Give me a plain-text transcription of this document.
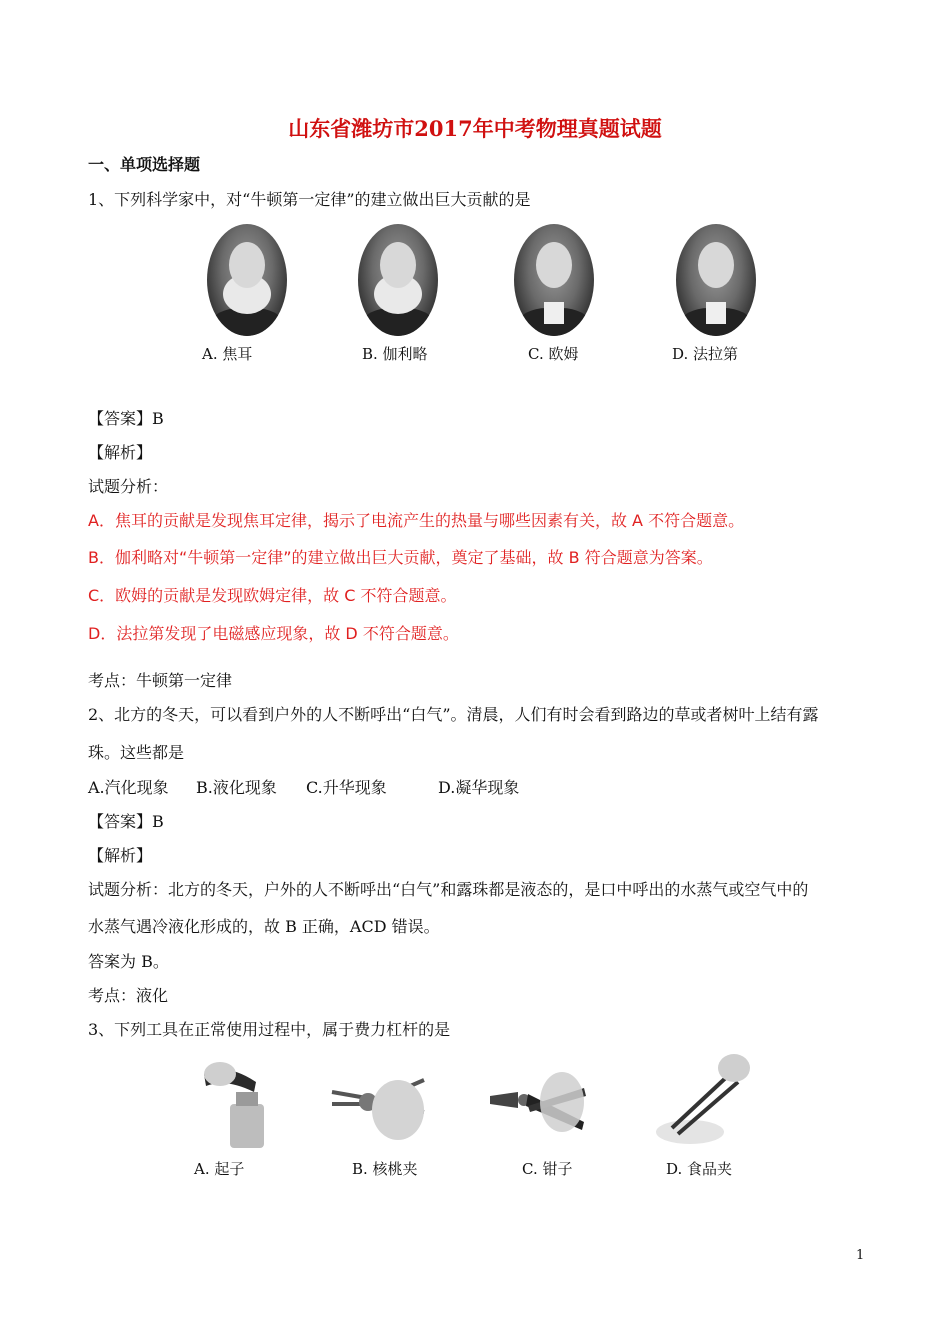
山东省潍坊市2017年中考物理真题试题
一、单项选择题
1、下列科学家中，对“牛顿第一定律”的建立做出巨大贡献的是
A. 焦耳	B. 伽利略	C. 欧姆	D. 法拉第
【答案】B
【解析】
试题分析：
A．焦耳的贡献是发现焦耳定律，揭示了电流产生的热量与哪些因素有关，故 A 不符合题意。
B．伽利略对“牛顿第一定律”的建立做出巨大贡献，奠定了基础，故 B 符合题意为答案。
C．欧姆的贡献是发现欧姆定律，故 C 不符合题意。
D．法拉第发现了电磁感应现象，故 D 不符合题意。
考点：牛顿第一定律
2、北方的冬天，可以看到户外的人不断呼出“白气”。清晨，人们有时会看到路边的草或者树叶上结有露
珠。这些都是
A.汽化现象 B.液化现象 C.升华现象	D.凝华现象
【答案】B
【解析】
试题分析：北方的冬天，户外的人不断呼出“白气”和露珠都是液态的，是口中呼出的水蒸气或空气中的
水蒸气遇冷液化形成的，故 B 正确，ACD 错误。
答案为 B。
考点：液化
3、下列工具在正常使用过程中，属于费力杠杆的是
A. 起子	B. 核桃夹	C. 钳子	D. 食品夹
1
